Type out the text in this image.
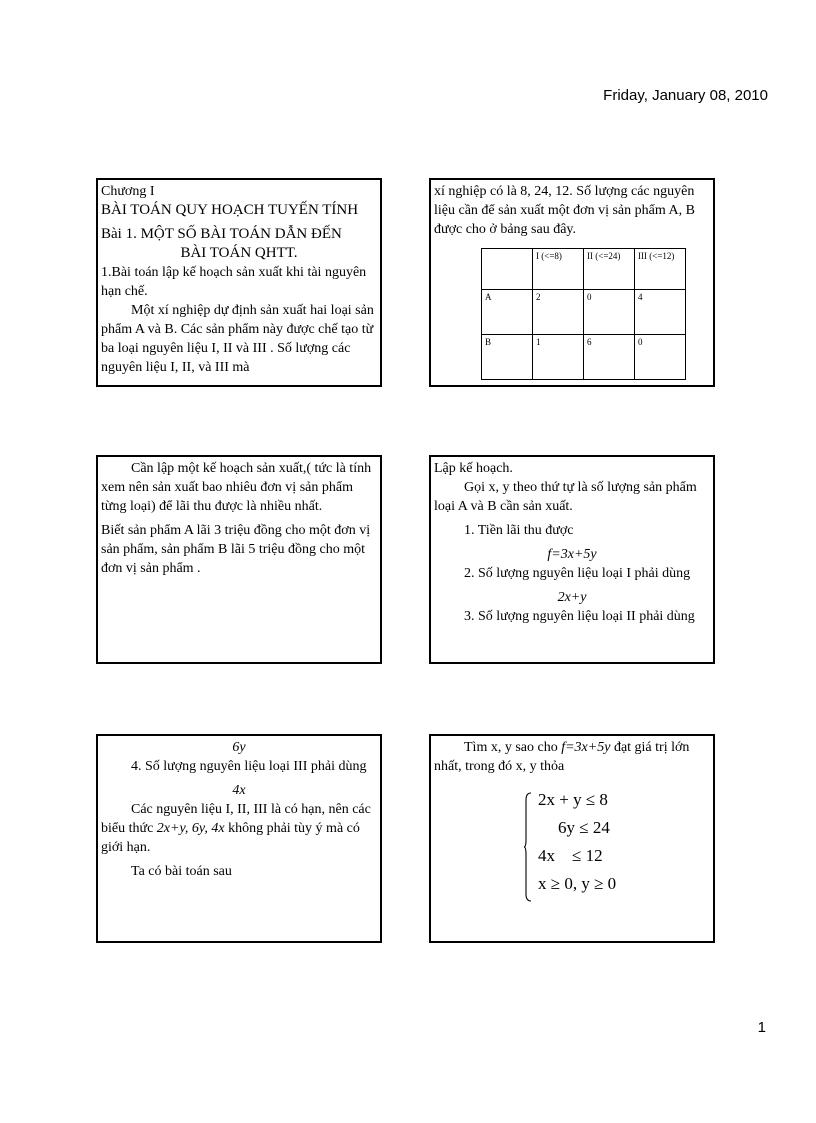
Friday, January 08, 2010

Chương I

BÀI TOÁN QUY HOẠCH TUYẾN TÍNH

Bài 1. MỘT SỐ BÀI TOÁN DẪN ĐẾN

BÀI TOÁN QHTT.

1.Bài toán lập kế hoạch sản xuất khi tài nguyên hạn chế.

Một xí nghiệp dự định sản xuất hai loại sản phẩm A và B. Các sản phẩm này được chế tạo từ ba loại nguyên liệu I, II và III . Số lượng các nguyên liệu I, II, và III mà

xí nghiệp có là 8, 24, 12. Số lượng các nguyên liệu cần để sản xuất một đơn vị sản phẩm A, B được cho ở bảng sau đây.

	I (<=8)	II (<=24)	III (<=12)
A	2	0	4
B	1	6	0

Cần lập một kế hoạch sản xuất,( tức là tính xem nên sản xuất bao nhiêu đơn vị sản phẩm từng loại) để lãi thu được là nhiều nhất.

Biết sản phẩm A lãi 3 triệu đồng cho một đơn vị sản phẩm, sản phẩm B lãi 5 triệu đồng cho một đơn vị sản phẩm .

Lập kế hoạch.

Gọi x, y theo thứ tự là số lượng sản phẩm loại A và B cần sản xuất.

1. Tiền lãi thu được

f=3x+5y

2. Số lượng nguyên liệu loại I phải dùng

2x+y

3. Số lượng nguyên liệu loại II phải dùng

6y

4. Số lượng nguyên liệu loại III phải dùng

4x

Các nguyên liệu I, II, III là có hạn, nên các biểu thức 2x+y, 6y, 4x không phải tùy ý mà có giới hạn.

Ta có bài toán sau

Tìm x, y sao cho f=3x+5y đạt giá trị lớn nhất, trong đó x, y thỏa

2x + y ≤ 8
6y ≤ 24
4x    ≤ 12
x ≥ 0, y ≥ 0
1
